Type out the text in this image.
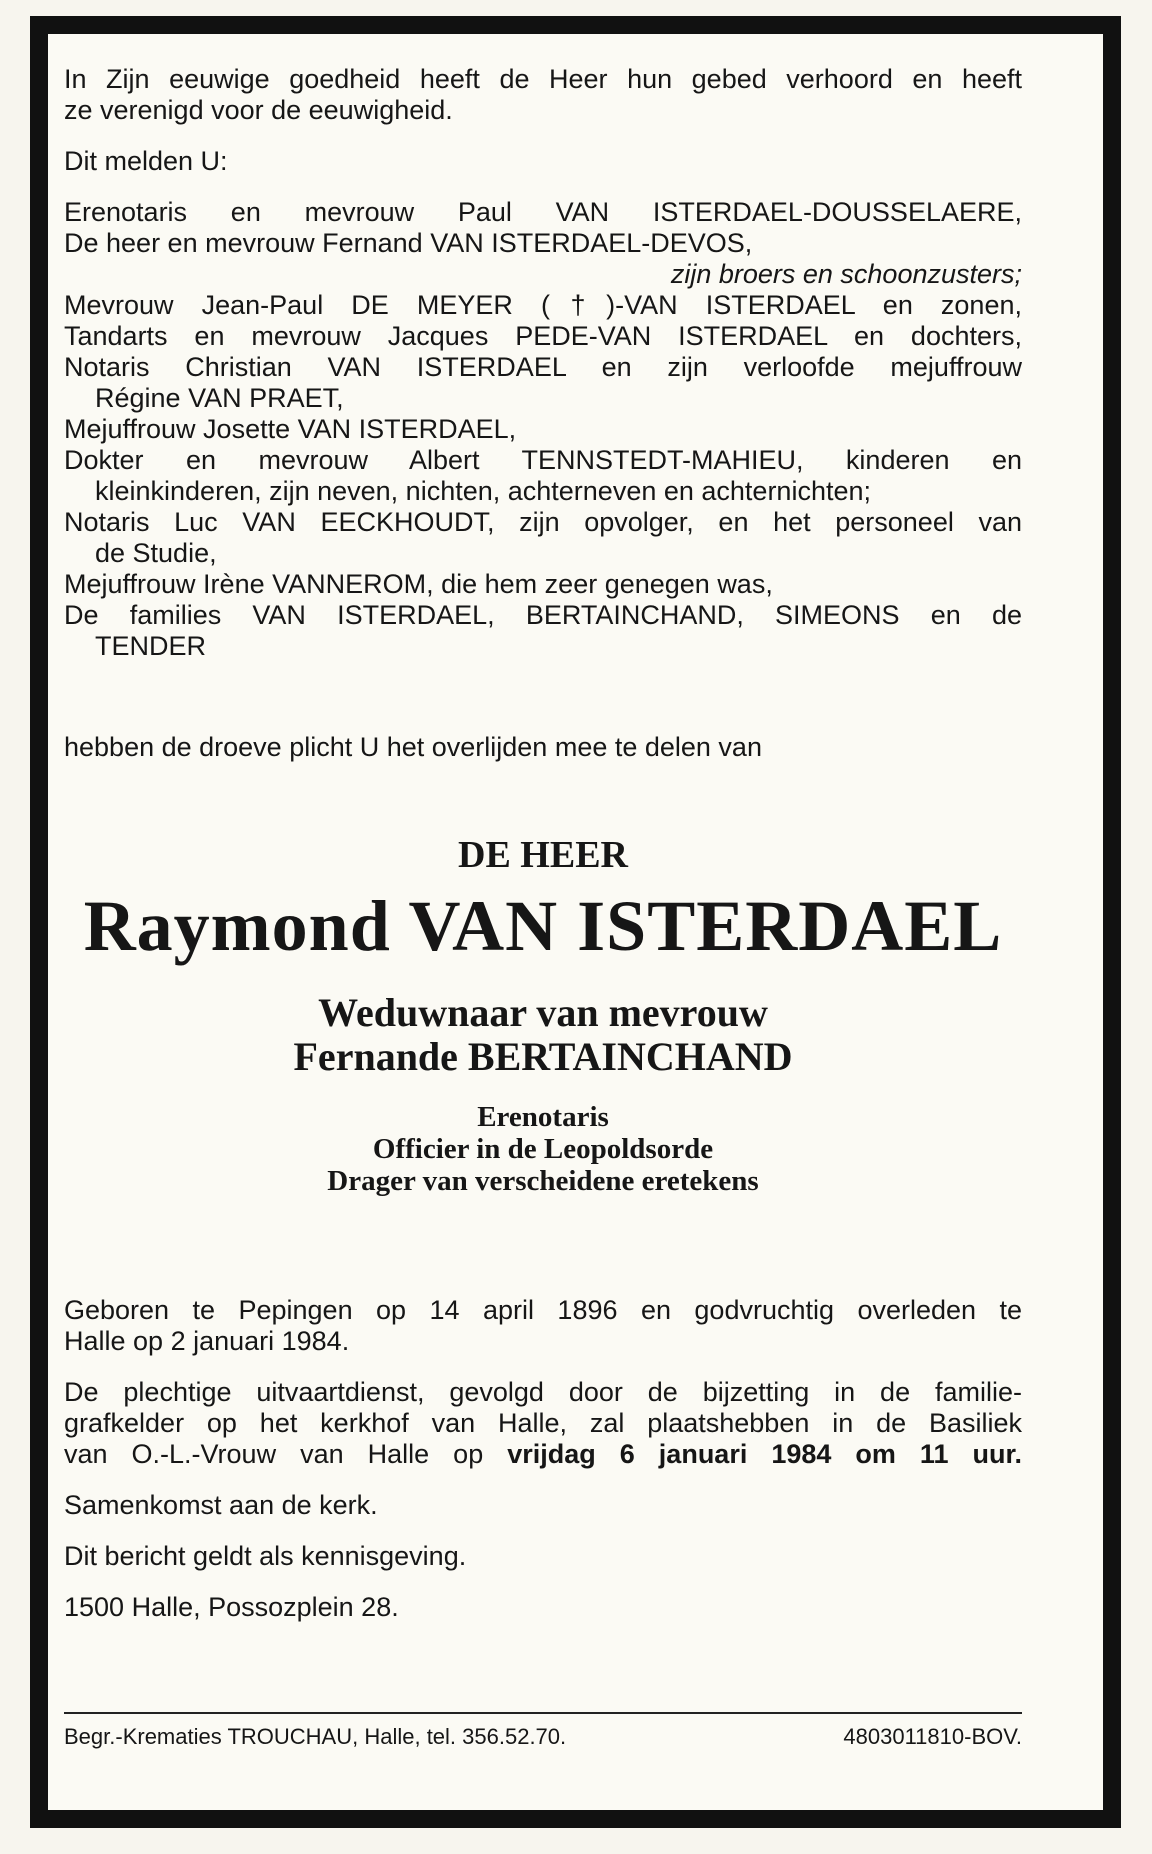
In Zijn eeuwige goedheid heeft de Heer hun gebed verhoord en heeft

ze verenigd voor de eeuwigheid.

Dit melden U:

Erenotaris en mevrouw Paul VAN ISTERDAEL-DOUSSELAERE,

De heer en mevrouw Fernand VAN ISTERDAEL-DEVOS,

zijn broers en schoonzusters;

Mevrouw Jean-Paul DE MEYER (†)-VAN ISTERDAEL en zonen,

Tandarts en mevrouw Jacques PEDE-VAN ISTERDAEL en dochters,

Notaris Christian VAN ISTERDAEL en zijn verloofde mejuffrouw

Régine VAN PRAET,

Mejuffrouw Josette VAN ISTERDAEL,

Dokter en mevrouw Albert TENNSTEDT-MAHIEU, kinderen en

kleinkinderen, zijn neven, nichten, achterneven en achternichten;

Notaris Luc VAN EECKHOUDT, zijn opvolger, en het personeel van

de Studie,

Mejuffrouw Irène VANNEROM, die hem zeer genegen was,

De families VAN ISTERDAEL, BERTAINCHAND, SIMEONS en de

TENDER

hebben de droeve plicht U het overlijden mee te delen van

DE HEER
Raymond VAN ISTERDAEL
Weduwnaar van mevrouw
Fernande BERTAINCHAND
Erenotaris
Officier in de Leopoldsorde
Drager van verscheidene eretekens

Geboren te Pepingen op 14 april 1896 en godvruchtig overleden te

Halle op 2 januari 1984.

De plechtige uitvaartdienst, gevolgd door de bijzetting in de familie-

grafkelder op het kerkhof van Halle, zal plaatshebben in de Basiliek

van O.-L.-Vrouw van Halle op vrijdag 6 januari 1984 om 11 uur.

Samenkomst aan de kerk.

Dit bericht geldt als kennisgeving.

1500 Halle, Possozplein 28.

Begr.-Krematies TROUCHAU, Halle, tel. 356.52.70.	4803011810-BOV.
